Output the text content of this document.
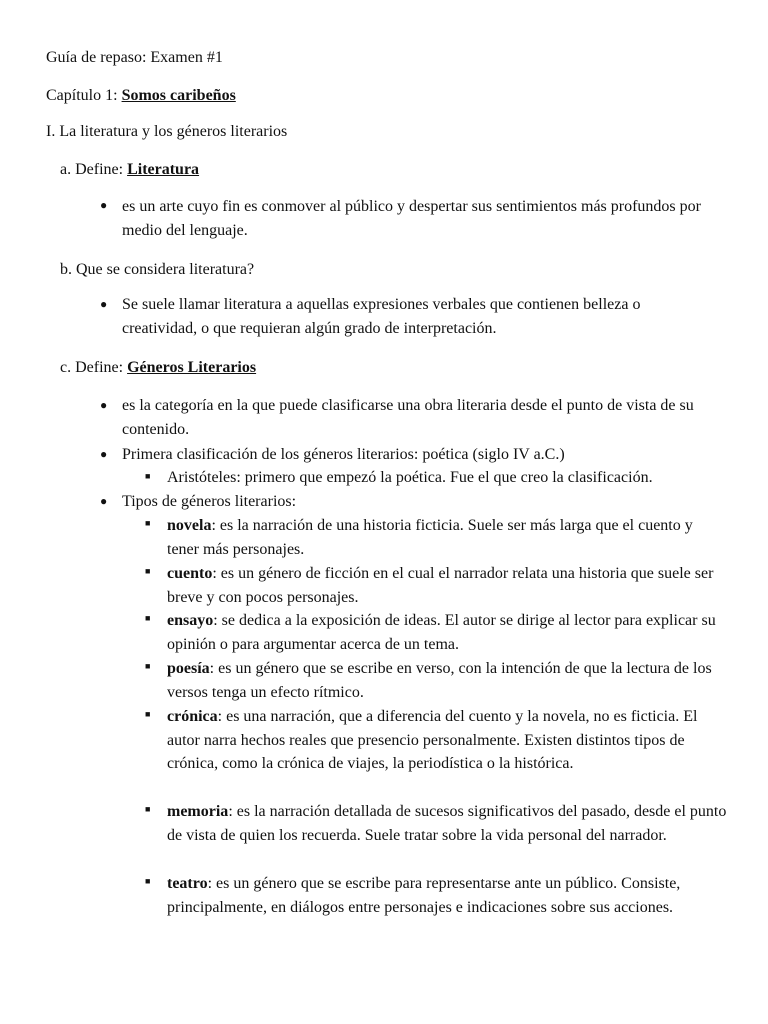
Guía de repaso: Examen #1
Capítulo 1: Somos caribeños
I. La literatura y los géneros literarios
a. Define: Literatura
● es un arte cuyo fin es conmover al público y despertar sus sentimientos más profundos por medio del lenguaje.
b. Que se considera literatura?
● Se suele llamar literatura a aquellas expresiones verbales que contienen belleza o creatividad, o que requieran algún grado de interpretación.
c. Define: Géneros Literarios
● es la categoría en la que puede clasificarse una obra literaria desde el punto de vista de su contenido.
● Primera clasificación de los géneros literarios: poética (siglo IV a.C.)
■ Aristóteles: primero que empezó la poética. Fue el que creo la clasificación.
● Tipos de géneros literarios:
■ novela: es la narración de una historia ficticia. Suele ser más larga que el cuento y tener más personajes.
■ cuento: es un género de ficción en el cual el narrador relata una historia que suele ser breve y con pocos personajes.
■ ensayo: se dedica a la exposición de ideas. El autor se dirige al lector para explicar su opinión o para argumentar acerca de un tema.
■ poesía: es un género que se escribe en verso, con la intención de que la lectura de los versos tenga un efecto rítmico.
■ crónica: es una narración, que a diferencia del cuento y la novela, no es ficticia. El autor narra hechos reales que presencio personalmente. Existen distintos tipos de crónica, como la crónica de viajes, la periodística o la histórica.
■ memoria: es la narración detallada de sucesos significativos del pasado, desde el punto de vista de quien los recuerda. Suele tratar sobre la vida personal del narrador.
■ teatro: es un género que se escribe para representarse ante un público. Consiste, principalmente, en diálogos entre personajes e indicaciones sobre sus acciones.
